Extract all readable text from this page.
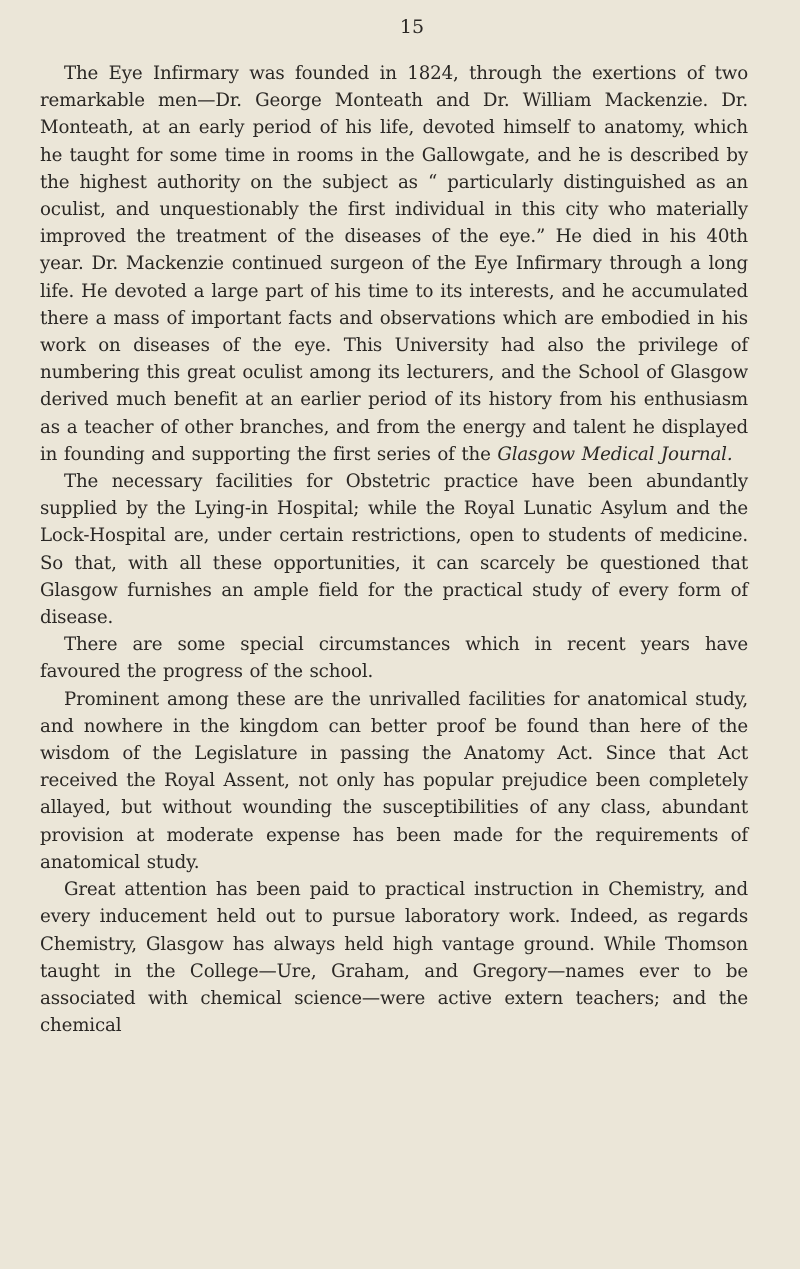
15

The Eye Infirmary was founded in 1824, through the exertions of two remarkable men—Dr. George Monteath and Dr. William Mackenzie. Dr. Monteath, at an early period of his life, devoted himself to anatomy, which he taught for some time in rooms in the Gallowgate, and he is described by the highest authority on the subject as “ particularly distinguished as an oculist, and unquestionably the first individual in this city who materially improved the treatment of the diseases of the eye.” He died in his 40th year. Dr. Mackenzie continued surgeon of the Eye Infirmary through a long life. He devoted a large part of his time to its interests, and he accumulated there a mass of important facts and observations which are embodied in his work on diseases of the eye. This University had also the privilege of numbering this great oculist among its lecturers, and the School of Glasgow derived much benefit at an earlier period of its history from his enthusiasm as a teacher of other branches, and from the energy and talent he displayed in founding and supporting the first series of the Glasgow Medical Journal.

The necessary facilities for Obstetric practice have been abundantly supplied by the Lying-in Hospital; while the Royal Lunatic Asylum and the Lock-Hospital are, under certain restrictions, open to students of medicine. So that, with all these opportunities, it can scarcely be questioned that Glasgow furnishes an ample field for the practical study of every form of disease.

There are some special circumstances which in recent years have favoured the progress of the school.

Prominent among these are the unrivalled facilities for anatomical study, and nowhere in the kingdom can better proof be found than here of the wisdom of the Legislature in passing the Anatomy Act. Since that Act received the Royal Assent, not only has popular prejudice been completely allayed, but without wounding the susceptibilities of any class, abundant provision at moderate expense has been made for the requirements of anatomical study.

Great attention has been paid to practical instruction in Chemistry, and every inducement held out to pursue laboratory work. Indeed, as regards Chemistry, Glasgow has always held high vantage ground. While Thomson taught in the College—Ure, Graham, and Gregory—names ever to be associated with chemical science—were active extern teachers; and the chemical
